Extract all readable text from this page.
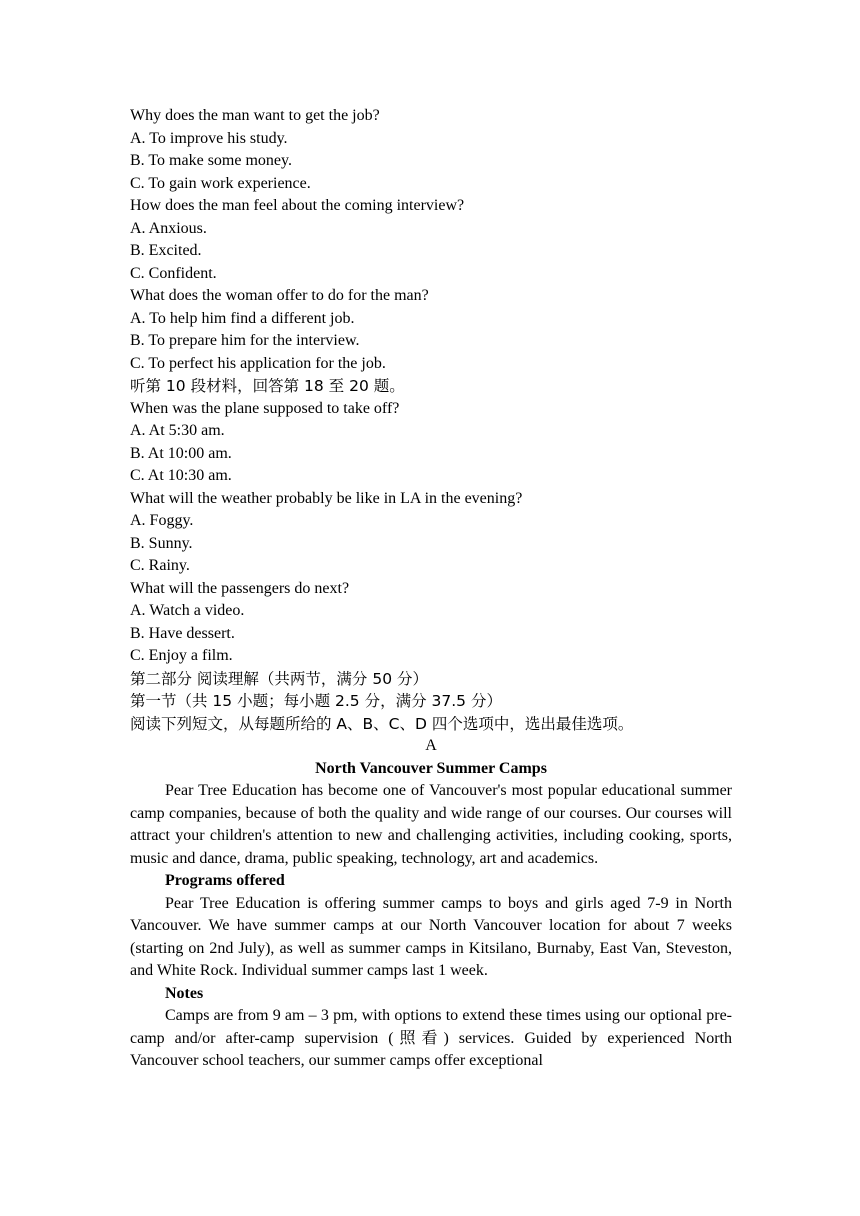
Why does the man want to get the job?
A. To improve his study.
B. To make some money.
C. To gain work experience.
How does the man feel about the coming interview?
A. Anxious.
B. Excited.
C. Confident.
What does the woman offer to do for the man?
A. To help him find a different job.
B. To prepare him for the interview.
C. To perfect his application for the job.
听第 10 段材料，回答第 18 至 20 题。
When was the plane supposed to take off?
A. At 5:30 am.
B. At 10:00 am.
C. At 10:30 am.
What will the weather probably be like in LA in the evening?
A. Foggy.
B. Sunny.
C. Rainy.
What will the passengers do next?
A. Watch a video.
B. Have dessert.
C. Enjoy a film.
第二部分 阅读理解（共两节，满分 50 分）
第一节（共 15 小题；每小题 2.5 分，满分 37.5 分）
阅读下列短文，从每题所给的 A、B、C、D 四个选项中，选出最佳选项。
A
North Vancouver Summer Camps
Pear Tree Education has become one of Vancouver's most popular educational summer camp companies, because of both the quality and wide range of our courses. Our courses will attract your children's attention to new and challenging activities, including cooking, sports, music and dance, drama, public speaking, technology, art and academics.
Programs offered
Pear Tree Education is offering summer camps to boys and girls aged 7-9 in North Vancouver. We have summer camps at our North Vancouver location for about 7 weeks (starting on 2nd July), as well as summer camps in Kitsilano, Burnaby, East Van, Steveston, and White Rock. Individual summer camps last 1 week.
Notes
Camps are from 9 am – 3 pm, with options to extend these times using our optional pre-camp and/or after-camp supervision (照看) services. Guided by experienced North Vancouver school teachers, our summer camps offer exceptional
